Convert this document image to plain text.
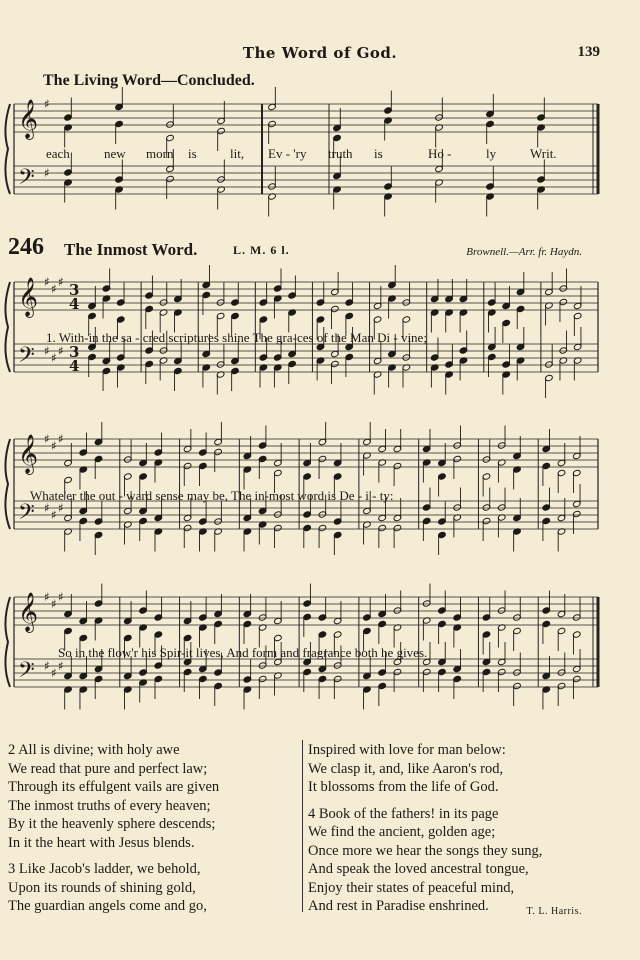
The Word of God.	139
The Living Word—Concluded.
𝄞
𝄢
♯
♯
𝄞
𝄢
♯
♯
♯
♯
♯
♯
3
3
4
4
𝄞
𝄢
♯
♯
♯
♯
♯
♯
𝄞
𝄢
♯
♯
♯
♯
♯
♯
each	new morn is	lit, Ev - 'ry truth is	Ho -	ly	Writ.
246 The Inmost Word.	L. M. 6 l.	Brownell.—Arr. fr. Haydn.
1. With-in the sa - cred scriptures shine The gra-ces of the Man Di - vine;
Whate'er the out - ward sense may be, The in-most word is De - i - ty:
So in the flow'r his Spir-it lives, And form and fragrance both he gives.
2 All is divine; with holy awe
We read that pure and perfect law;
Through its effulgent vails are given
The inmost truths of every heaven;
By it the heavenly sphere descends;
In it the heart with Jesus blends.
3 Like Jacob's ladder, we behold,
Upon its rounds of shining gold,
The guardian angels come and go,
Inspired with love for man below:
We clasp it, and, like Aaron's rod,
It blossoms from the life of God.
4 Book of the fathers! in its page
We find the ancient, golden age;
Once more we hear the songs they sung,
And speak the loved ancestral tongue,
Enjoy their states of peaceful mind,
And rest in Paradise enshrined.	T. L. Harris.
